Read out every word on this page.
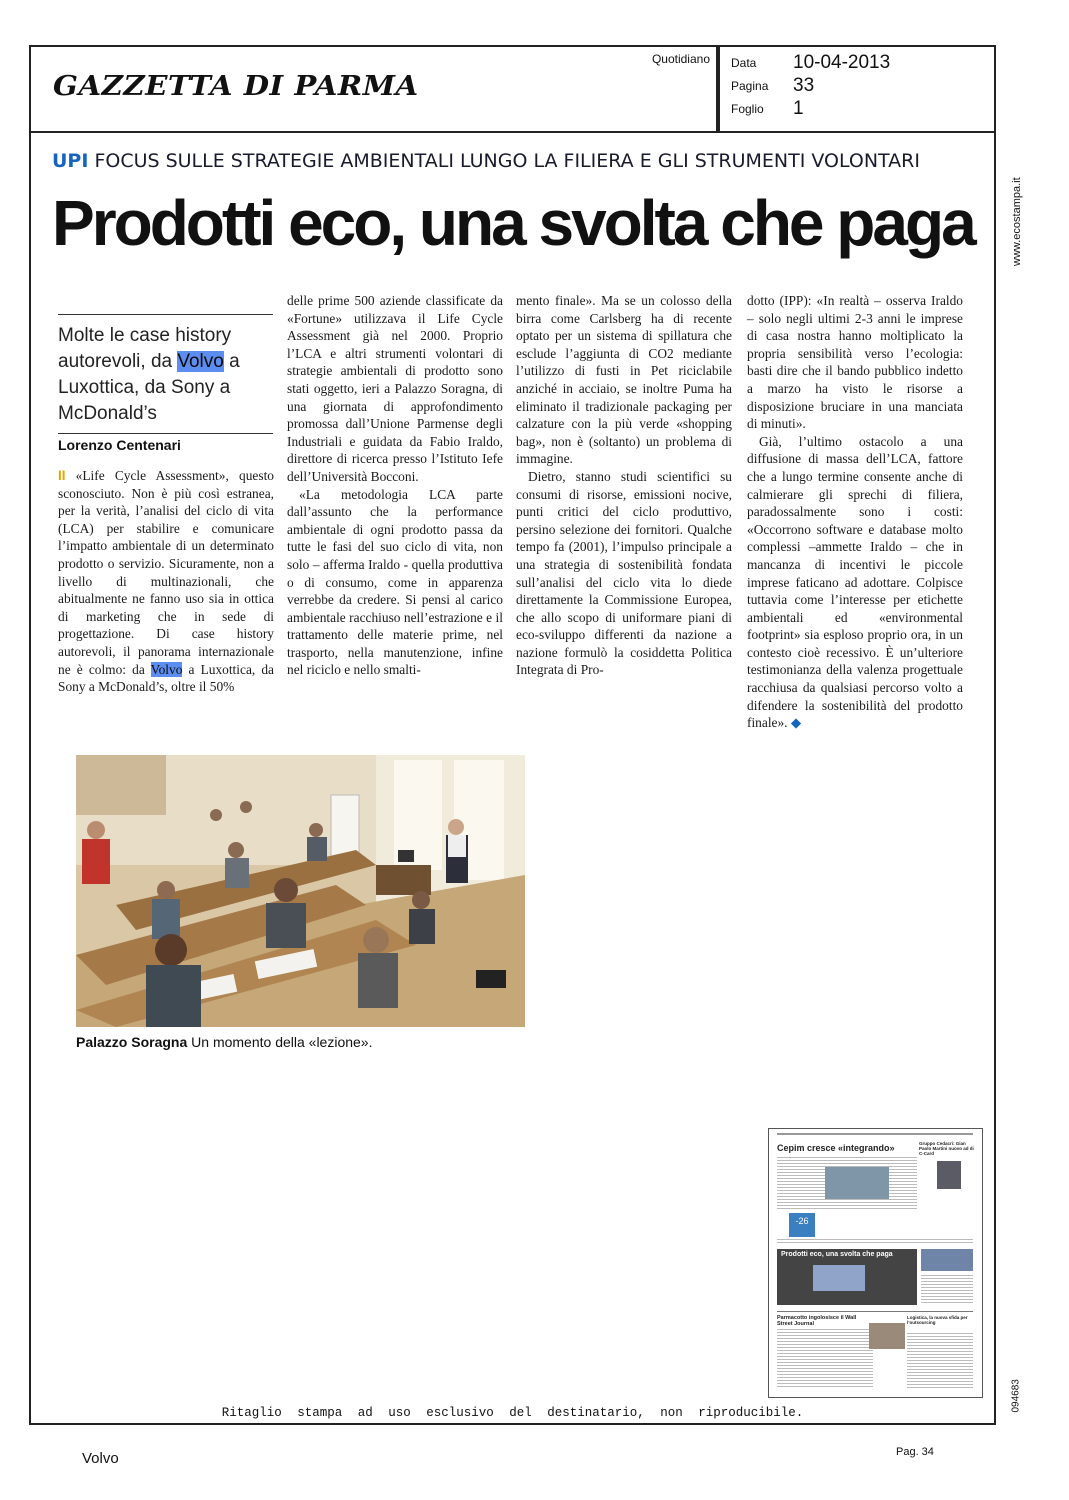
GAZZETTA DI PARMA
Quotidiano Data 10-04-2013
Pagina 33
Foglio 1
UPI FOCUS SULLE STRATEGIE AMBIENTALI LUNGO LA FILIERA E GLI STRUMENTI VOLONTARI
Prodotti eco, una svolta che paga
Molte le case history autorevoli, da Volvo a Luxottica, da Sony a McDonald’s
Lorenzo Centenari

II «Life Cycle Assessment», questo sconosciuto. Non è più così estranea, per la verità, l’analisi del ciclo di vita (LCA) per stabilire e comunicare l’impatto ambientale di un determinato prodotto o servizio. Sicuramente, non a livello di multinazionali, che abitualmente ne fanno uso sia in ottica di marketing che in sede di progettazione. Di case history autorevoli, il panorama internazionale ne è colmo: da Volvo a Luxottica, da Sony a McDonald’s, oltre il 50%

delle prime 500 aziende classificate da «Fortune» utilizzava il Life Cycle Assessment già nel 2000. Proprio l’LCA e altri strumenti volontari di strategie ambientali di prodotto sono stati oggetto, ieri a Palazzo Soragna, di una giornata di approfondimento promossa dall’Unione Parmense degli Industriali e guidata da Fabio Iraldo, direttore di ricerca presso l’Istituto Iefe dell’Università Bocconi.

«La metodologia LCA parte dall’assunto che la performance ambientale di ogni prodotto passa da tutte le fasi del suo ciclo di vita, non solo – afferma Iraldo - quella produttiva o di consumo, come in apparenza verrebbe da credere. Si pensi al carico ambientale racchiuso nell’estrazione e il trattamento delle materie prime, nel trasporto, nella manutenzione, infine nel riciclo e nello smalti-

mento finale». Ma se un colosso della birra come Carlsberg ha di recente optato per un sistema di spillatura che esclude l’aggiunta di CO2 mediante l’utilizzo di fusti in Pet riciclabile anziché in acciaio, se inoltre Puma ha eliminato il tradizionale packaging per calzature con la più verde «shopping bag», non è (soltanto) un problema di immagine.

Dietro, stanno studi scientifici su consumi di risorse, emissioni nocive, punti critici del ciclo produttivo, persino selezione dei fornitori. Qualche tempo fa (2001), l’impulso principale a una strategia di sostenibilità fondata sull’analisi del ciclo vita lo diede direttamente la Commissione Europea, che allo scopo di uniformare piani di eco-sviluppo differenti da nazione a nazione formulò la cosiddetta Politica Integrata di Pro-

dotto (IPP): «In realtà – osserva Iraldo – solo negli ultimi 2-3 anni le imprese di casa nostra hanno moltiplicato la propria sensibilità verso l’ecologia: basti dire che il bando pubblico indetto a marzo ha visto le risorse a disposizione bruciare in una manciata di minuti».

Già, l’ultimo ostacolo a una diffusione di massa dell’LCA, fattore che a lungo termine consente anche di calmierare gli sprechi di filiera, paradossalmente sono i costi: «Occorrono software e database molto complessi –ammette Iraldo – che in mancanza di incentivi le piccole imprese faticano ad adottare. Colpisce tuttavia come l’interesse per etichette ambientali ed «environmental footprint» sia esploso proprio ora, in un contesto cioè recessivo. È un’ulteriore testimonianza della valenza progettuale racchiusa da qualsiasi percorso volto a difendere la sostenibilità del prodotto finale». ◆

Palazzo Soragna Un momento della «lezione».
Cepim cresce «integrando»	Gruppo Cedacri: Gian Paolo Martini nuovo ad di C-Card
-26
Prodotti eco, una svolta che paga
Parmacotto ingolosisce il Wall Street Journal
Logistica, la nuova sfida per l’outsourcing
Ritaglio stampa ad uso esclusivo del destinatario, non riproducibile.
www.ecostampa.it
094683
Volvo	Pag. 34
